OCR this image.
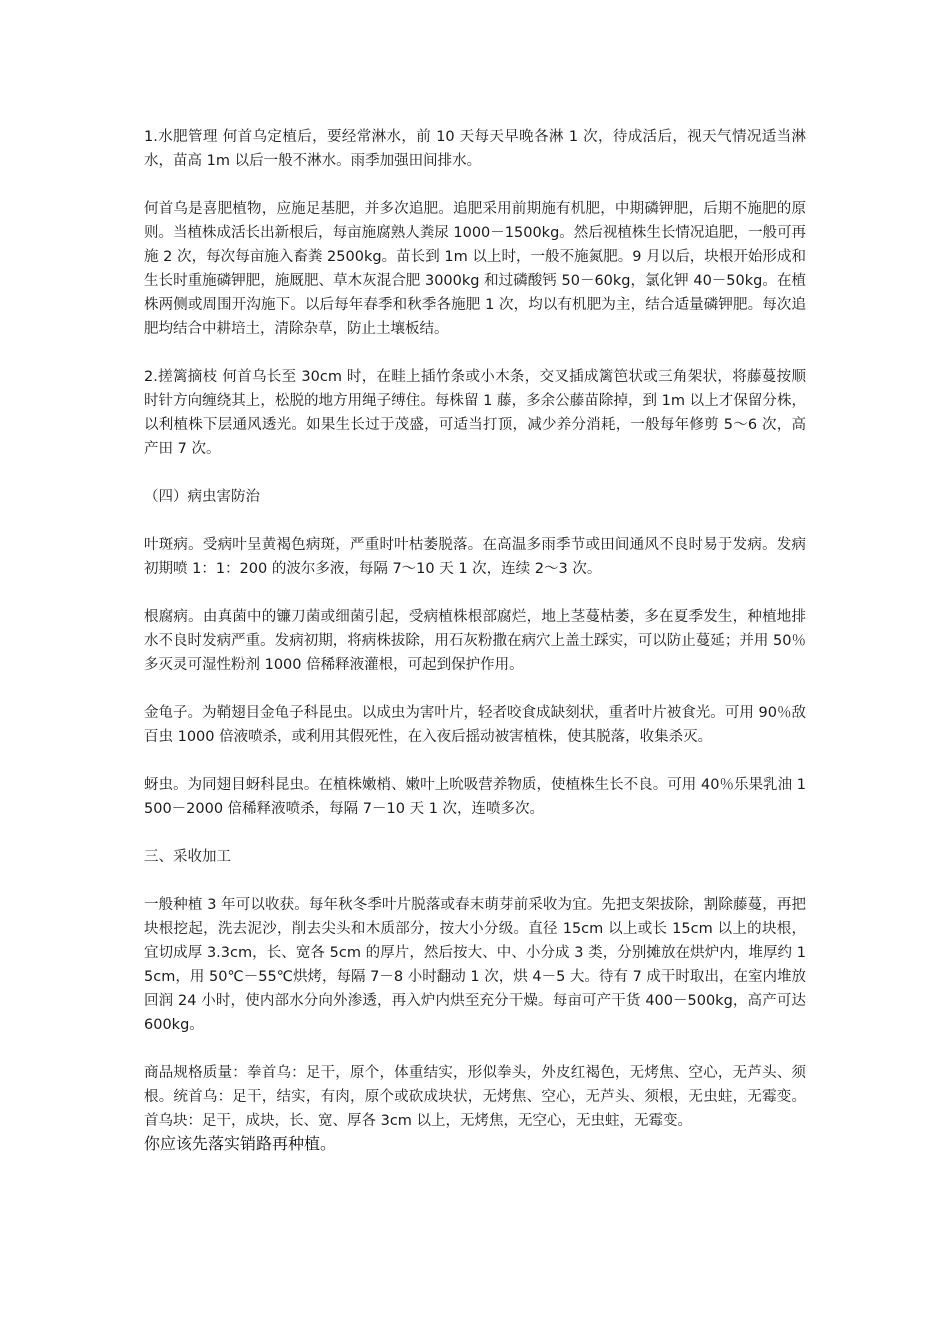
1.水肥管理 何首乌定植后，要经常淋水，前 10 天每天早晚各淋 1 次，待成活后，视天气情况适当淋水，苗高 1m 以后一般不淋水。雨季加强田间排水。

何首乌是喜肥植物，应施足基肥，并多次追肥。追肥采用前期施有机肥，中期磷钾肥，后期不施肥的原则。当植株成活长出新根后，每亩施腐熟人粪尿 1000－1500kg。然后视植株生长情况追肥，一般可再施 2 次，每次每亩施入畜粪 2500kg。苗长到 1m 以上时，一般不施氮肥。9 月以后，块根开始形成和生长时重施磷钾肥，施厩肥、草木灰混合肥 3000kg 和过磷酸钙 50－60kg，氯化钾 40－50kg。在植株两侧或周围开沟施下。以后每年春季和秋季各施肥 1 次，均以有机肥为主，结合适量磷钾肥。每次追肥均结合中耕培土，清除杂草，防止土壤板结。

2.搓篱摘枝 何首乌长至 30cm 时，在畦上插竹条或小木条，交叉插成篱笆状或三角架状，将藤蔓按顺时针方向缠绕其上，松脱的地方用绳子缚住。每株留 1 藤，多余公藤苗除掉，到 1m 以上才保留分株，以利植株下层通风透光。如果生长过于茂盛，可适当打顶，减少养分消耗，一般每年修剪 5～6 次，高产田 7 次。

（四）病虫害防治

叶斑病。受病叶呈黄褐色病斑，严重时叶枯萎脱落。在高温多雨季节或田间通风不良时易于发病。发病初期喷 1：1：200 的波尔多液，每隔 7～10 天 1 次，连续 2～3 次。

根腐病。由真菌中的镰刀菌或细菌引起，受病植株根部腐烂，地上茎蔓枯萎，多在夏季发生，种植地排水不良时发病严重。发病初期，将病株拔除，用石灰粉撒在病穴上盖土踩实，可以防止蔓延；并用 50％多灭灵可湿性粉剂 1000 倍稀释液灌根，可起到保护作用。

金龟子。为鞘翅目金龟子科昆虫。以成虫为害叶片，轻者咬食成缺刻状，重者叶片被食光。可用 90％敌百虫 1000 倍液喷杀，或利用其假死性，在入夜后摇动被害植株，使其脱落，收集杀灭。

蚜虫。为同翅目蚜科昆虫。在植株嫩梢、嫩叶上吮吸营养物质，使植株生长不良。可用 40％乐果乳油 1500－2000 倍稀释液喷杀，每隔 7－10 天 1 次，连喷多次。

三、采收加工

一般种植 3 年可以收获。每年秋冬季叶片脱落或春末萌芽前采收为宜。先把支架拔除，割除藤蔓，再把块根挖起，洗去泥沙，削去尖头和木质部分，按大小分级。直径 15cm 以上或长 15cm 以上的块根，宜切成厚 3.3cm，长、宽各 5cm 的厚片，然后按大、中、小分成 3 类，分别摊放在烘炉内，堆厚约 15cm，用 50℃－55℃烘烤，每隔 7－8 小时翻动 1 次，烘 4－5 大。待有 7 成干时取出，在室内堆放回润 24 小时，使内部水分向外渗透，再入炉内烘至充分干燥。每亩可产干货 400－500kg，高产可达 600kg。

商品规格质量：拳首乌：足干，原个，体重结实，形似拳头，外皮红褐色，无烤焦、空心，无芦头、须根。统首乌：足干，结实，有肉，原个或砍成块状，无烤焦、空心，无芦头、须根，无虫蛀，无霉变。首乌块：足干，成块，长、宽、厚各 3cm 以上，无烤焦，无空心，无虫蛀，无霉变。

你应该先落实销路再种植。
